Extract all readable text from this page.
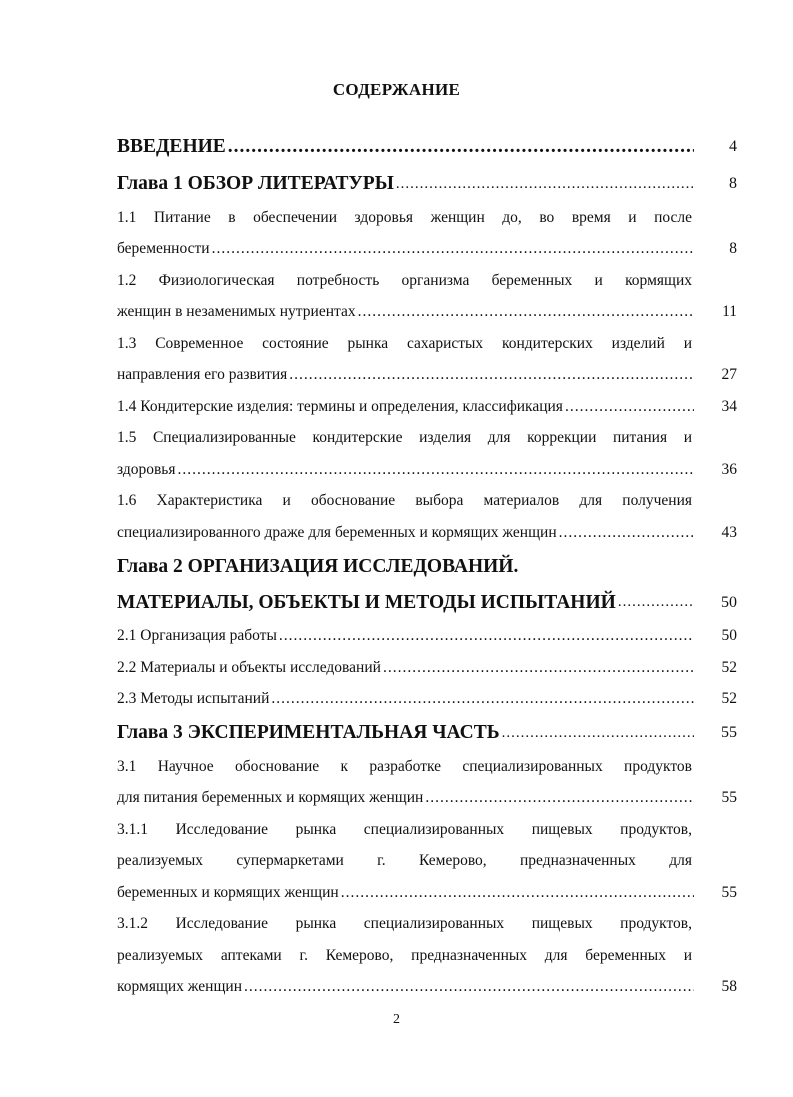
СОДЕРЖАНИЕ
ВВЕДЕНИЕ .....	4
Глава 1 ОБЗОР ЛИТЕРАТУРЫ .....	8
1.1 Питание в обеспечении здоровья женщин до, во время и после
беременности .....	8
1.2 Физиологическая потребность организма беременных и кормящих
женщин в незаменимых нутриентах .....	11
1.3 Современное состояние рынка сахаристых кондитерских изделий и
направления его развития .....	27
1.4 Кондитерские изделия: термины и определения, классификация .....	34
1.5 Специализированные кондитерские изделия для коррекции питания и
здоровья .....	36
1.6 Характеристика и обоснование выбора материалов для получения
специализированного драже для беременных и кормящих женщин .....	43
Глава 2 ОРГАНИЗАЦИЯ ИССЛЕДОВАНИЙ.
МАТЕРИАЛЫ, ОБЪЕКТЫ И МЕТОДЫ ИСПЫТАНИЙ .....	50
2.1 Организация работы .....	50
2.2 Материалы и объекты исследований .....	52
2.3 Методы испытаний .....	52
Глава 3 ЭКСПЕРИМЕНТАЛЬНАЯ ЧАСТЬ .....	55
3.1 Научное обоснование к разработке специализированных продуктов
для питания беременных и кормящих женщин .....	55
3.1.1 Исследование рынка специализированных пищевых продуктов,
реализуемых супермаркетами г. Кемерово, предназначенных для
беременных и кормящих женщин .....	55
3.1.2 Исследование рынка специализированных пищевых продуктов,
реализуемых аптеками г. Кемерово, предназначенных для беременных и
кормящих женщин .....	58
2
